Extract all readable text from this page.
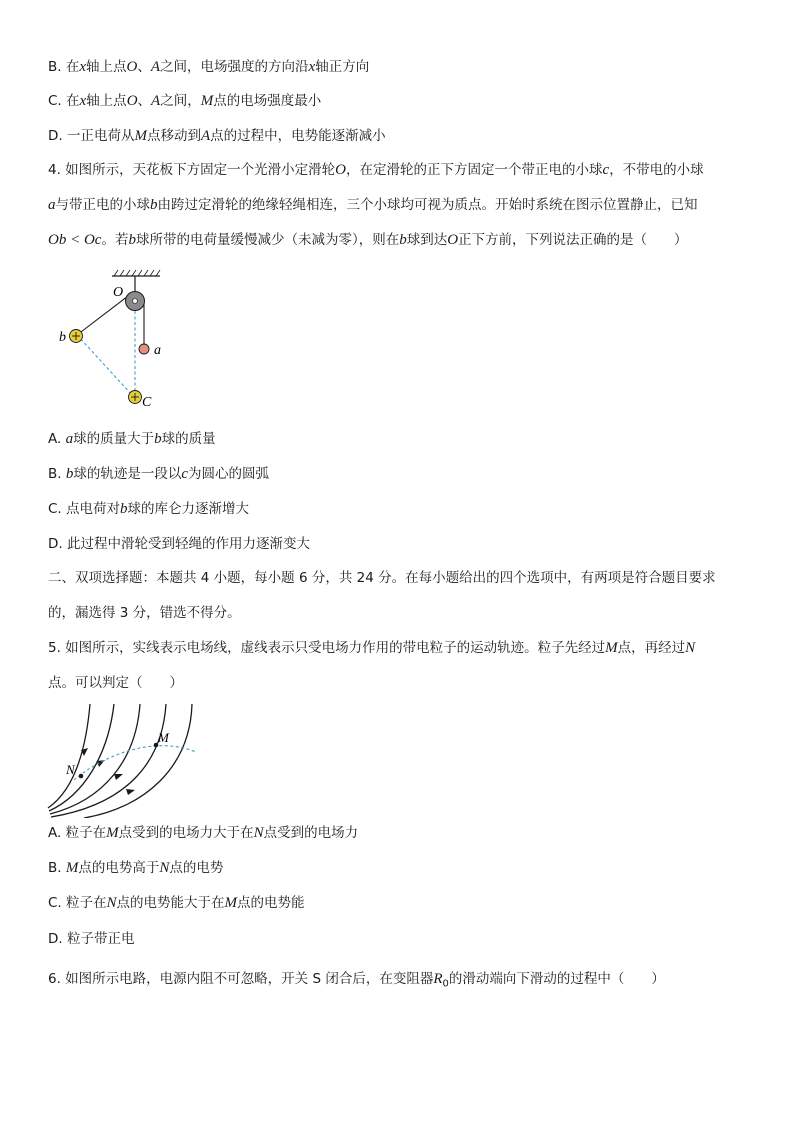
B. 在x轴上点O、A之间，电场强度的方向沿x轴正方向
C. 在x轴上点O、A之间，M点的电场强度最小
D. 一正电荷从M点移动到A点的过程中，电势能逐渐减小
4. 如图所示，天花板下方固定一个光滑小定滑轮O，在定滑轮的正下方固定一个带正电的小球c，不带电的小球
a与带正电的小球b由跨过定滑轮的绝缘轻绳相连，三个小球均可视为质点。开始时系统在图示位置静止，已知
Ob < Oc。若b球所带的电荷量缓慢减少（未减为零），则在b球到达O正下方前，下列说法正确的是（　　）
O
a
b
C
A. a球的质量大于b球的质量
B. b球的轨迹是一段以c为圆心的圆弧
C. 点电荷对b球的库仑力逐渐增大
D. 此过程中滑轮受到轻绳的作用力逐渐变大
二、双项选择题：本题共 4 小题，每小题 6 分，共 24 分。在每小题给出的四个选项中，有两项是符合题目要求
的，漏选得 3 分，错选不得分。
5. 如图所示，实线表示电场线，虚线表示只受电场力作用的带电粒子的运动轨迹。粒子先经过M点，再经过N
点。可以判定（　　）
M
N
A. 粒子在M点受到的电场力大于在N点受到的电场力
B. M点的电势高于N点的电势
C. 粒子在N点的电势能大于在M点的电势能
D. 粒子带正电
6. 如图所示电路，电源内阻不可忽略，开关 S 闭合后，在变阻器$R_0$的滑动端向下滑动的过程中（　　）
